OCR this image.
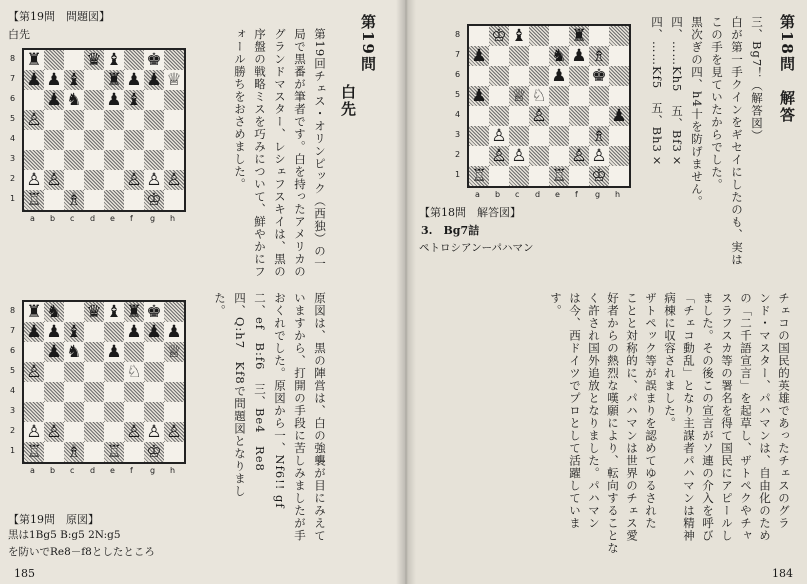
【第19問　問題図】
白先
♜	♛ ♝ ♚
♟ ♟ ♝ ♜ ♟ ♟ ♕
♟ ♞ ♟ ♝
♙
♙ ♙	♙ ♙ ♙
♖ ♗	♔
8
7
6
5
4
3
2
1
a b c d e f g h
【第19問　原図】
♜ ♞ ♛ ♝ ♜ ♚
♟ ♟ ♝	♟ ♟ ♟
♟ ♞ ♟	♕
♙	♘
♙ ♙	♙ ♙ ♙
♖ ♗ ♖ ♔
8
7
6
5
4
3
2
1
a b c d e f g h
黒は1Bg5 B:g5 2N:g5
を防いでRe8－f8としたところ
第19問
白先
第19回チェス・オリンピック（西独）の一
局で黒番が筆者です。白を持ったアメリカの
グランドマスター、レシェフスキイは、黒の
序盤の戦略ミスを巧みについて、鮮やかにフ
ォール勝ちをおさめました。
原図は、黒の陣営は、白の強襲が目にみえて
いますから、打開の手段に苦しみましたが手
おくれでした。原図から一、Nf6!! gf
二、ef　B:f6　三、Be4　Re8
四、Q:h7　Kf8で問題図となりまし
た。
185
♔ ♝	♜
♟	♞ ♟ ♗
♟ ♚
♟ ♕ ♘
♙	♟
♙	♗
♙ ♙	♙ ♙
♖	♖ ♔
8
7
6
5
4
3
2
1
a b c d e f g h
【第18問　解答図】
3.　Bg7詰
ペトロシアンーパハマン
第18問　解答
三、Bg7！（解答図）
白が第一手クインをギセイにしたのも、実は
この手を見ていたからでした。
黒次ぎの四、h4十を防げません。
四、……Kh5　五、Bf3×
四、……Kf5　五、Bh3×
チェコの国民的英雄であったチェスのグラ
ンド・マスター、パハマンは、自由化のため
の「二千語宣言」を起草し、ザトペクやチャ
スラフスカ等の署名を得て国民にアピールし
ました。その後この宣言がソ連の介入を呼び
「チェコ動乱」となり主謀者パハマンは精神
病棟に収容されました。
ザトペック等が誤まりを認めてゆるされた
ことと対称的に、パハマンは世界のチェス愛
好者からの熱烈な嘆願により、転向することな
く許され国外追放となりました。パハマン
は今、西ドイツでプロとして活躍していま
す。
184
